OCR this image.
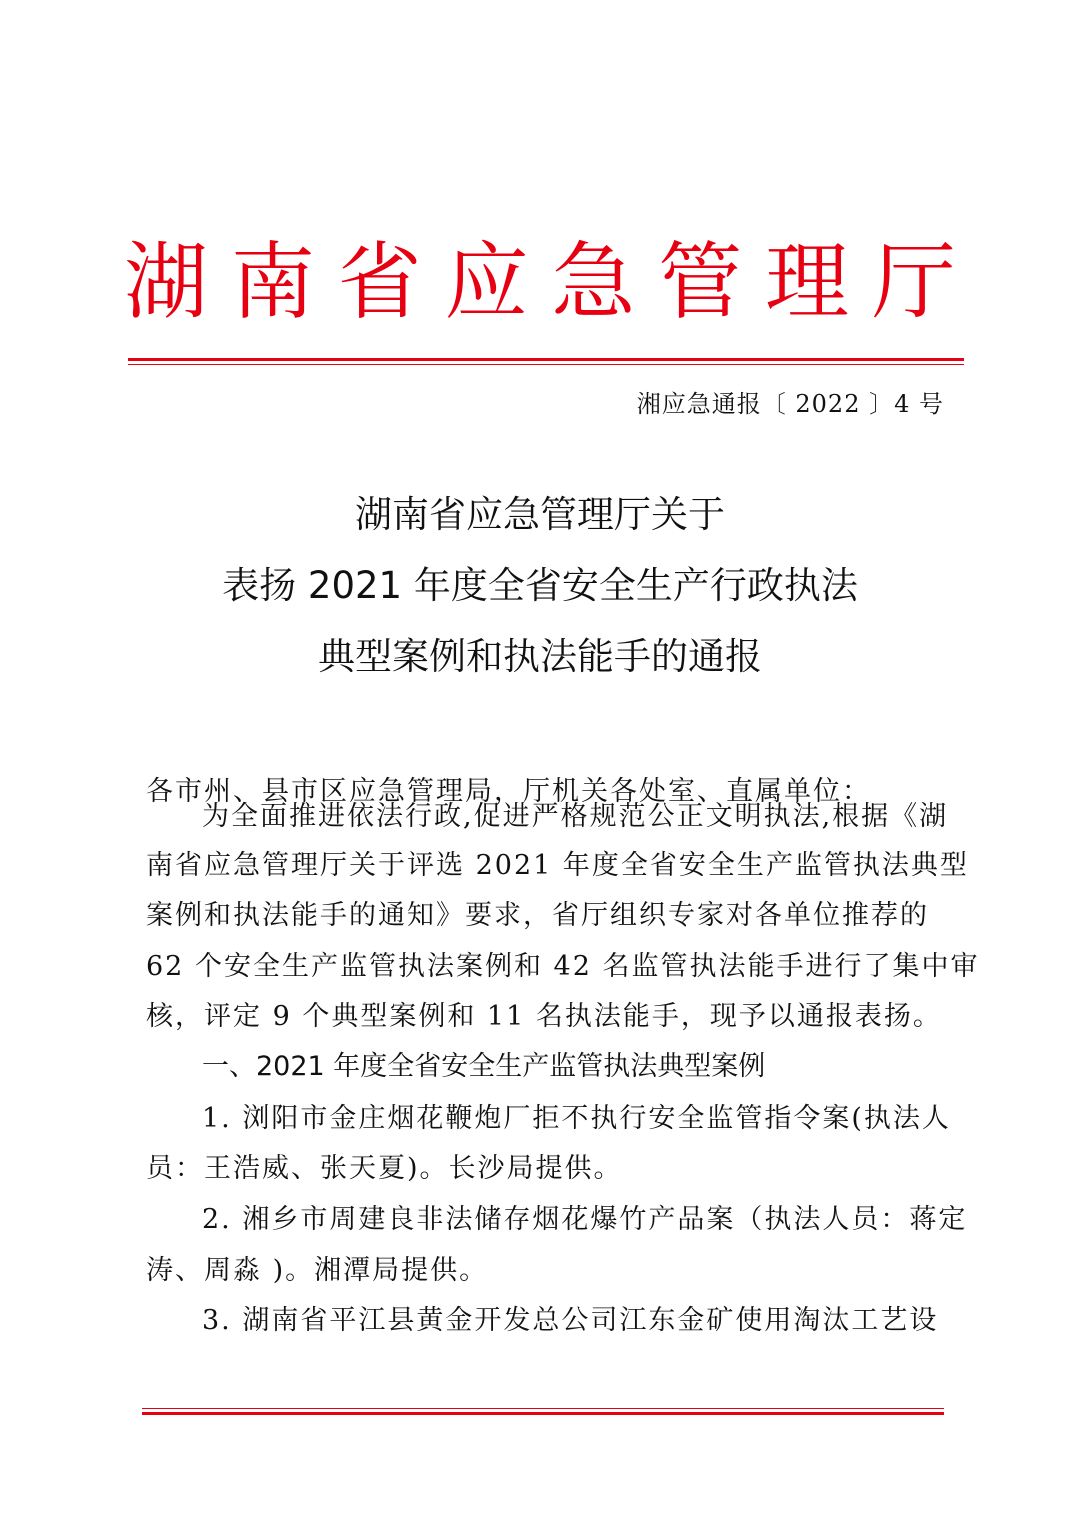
湖 南 省 应 急 管 理 厅
湘应急通报〔 2022 〕4 号
湖南省应急管理厅关于
表扬 2021 年度全省安全生产行政执法
典型案例和执法能手的通报
各市州、县市区应急管理局，厅机关各处室、直属单位：
为全面推进依法行政,促进严格规范公正文明执法,根据《湖
南省应急管理厅关于评选 2021 年度全省安全生产监管执法典型
案例和执法能手的通知》要求，省厅组织专家对各单位推荐的
62 个安全生产监管执法案例和 42 名监管执法能手进行了集中审
核，评定 9 个典型案例和 11 名执法能手，现予以通报表扬。
一、2021 年度全省安全生产监管执法典型案例
1. 浏阳市金庄烟花鞭炮厂拒不执行安全监管指令案(执法人
员：王浩威、张天夏)。长沙局提供。
2. 湘乡市周建良非法储存烟花爆竹产品案（执法人员：蒋定
涛、周淼 )。湘潭局提供。
3. 湖南省平江县黄金开发总公司江东金矿使用淘汰工艺设
